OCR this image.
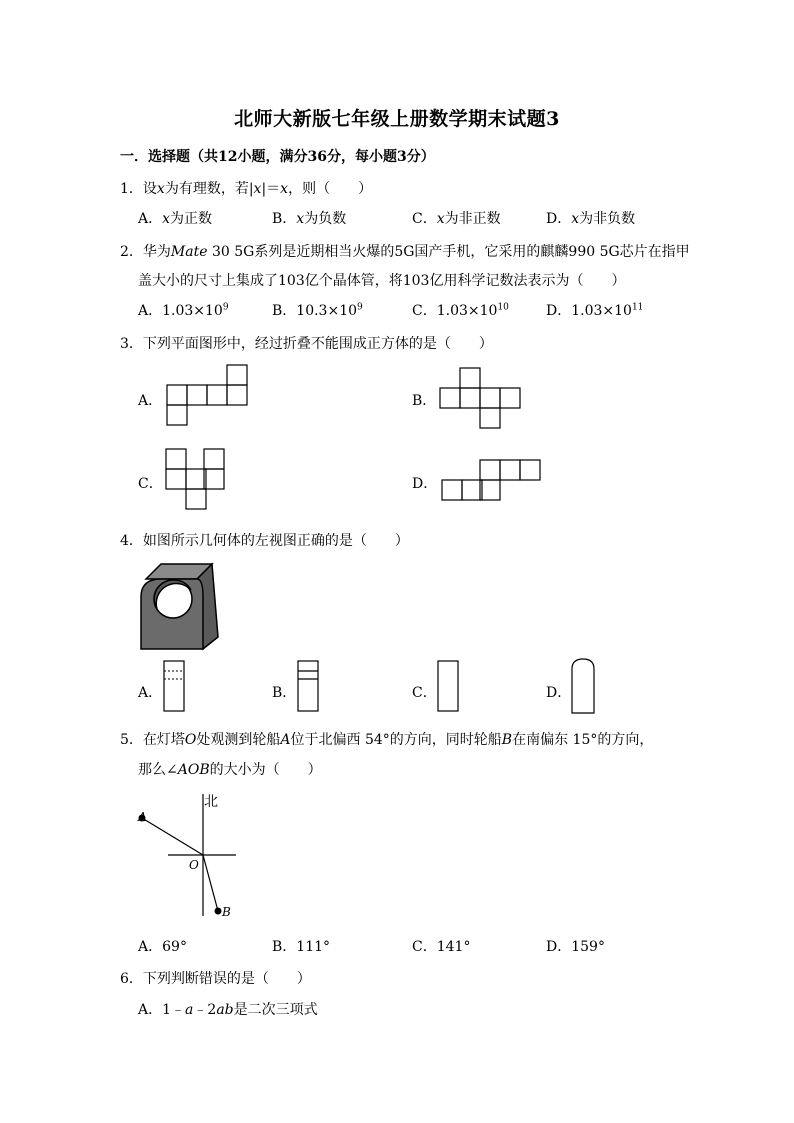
北师大新版七年级上册数学期末试题3
一．选择题（共12小题，满分36分，每小题3分）
1．设x为有理数，若|x|＝x，则（　　）
A．x为正数	B．x为负数	C．x为非正数	D．x为非负数
2．华为Mate 30 5G系列是近期相当火爆的5G国产手机，它采用的麒麟990 5G芯片在指甲
盖大小的尺寸上集成了103亿个晶体管，将103亿用科学记数法表示为（　　）
A．$1.03\times 10^9$	B．$10.3\times 10^9$	C．$1.03\times 10^{10}$	D．$1.03\times 10^{11}$
3．下列平面图形中，经过折叠不能围成正方体的是（　　）
A．	B．
C．	D．
4．如图所示几何体的左视图正确的是（　　）
A．	B．	C．	D．
5．在灯塔O处观测到轮船A位于北偏西 54°的方向，同时轮船B在南偏东 15°的方向，
那么∠AOB的大小为（　　）
北
A
O
B
A．69°	B．111°	C．141°	D．159°
6．下列判断错误的是（　　）
A．1﹣a﹣2ab是二次三项式
